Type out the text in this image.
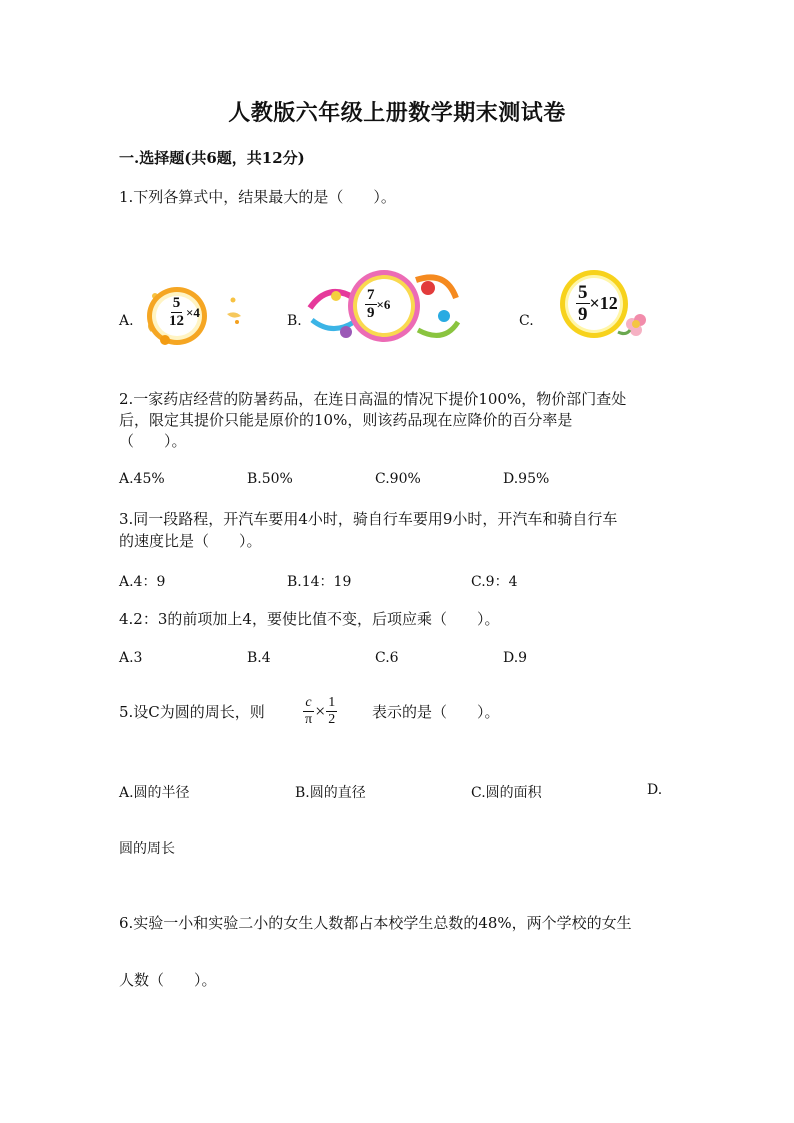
人教版六年级上册数学期末测试卷
一.选择题(共6题，共12分)
1.下列各算式中，结果最大的是（　　）。
A. $\frac{5}{12} \times 4$
B.	$\frac{7}{9} \times 6$
C. $\frac{5}{9} \times 12$
2.一家药店经营的防暑药品，在连日高温的情况下提价100%，物价部门查处
后，限定其提价只能是原价的10%，则该药品现在应降价的百分率是
（　　）。
A.45%	B.50%	C.90%	D.95%
3.同一段路程，开汽车要用4小时，骑自行车要用9小时，开汽车和骑自行车
的速度比是（　　）。
A.4：9	B.14：19	C.9：4
4.2：3的前项加上4，要使比值不变，后项应乘（　　）。
A.3	B.4	C.6	D.9
5.设C为圆的周长，则	$\frac{c}{\pi} \times \frac{1}{2}$ 表示的是（　　）。
A.圆的半径	B.圆的直径	C.圆的面积	D.
圆的周长
6.实验一小和实验二小的女生人数都占本校学生总数的48%，两个学校的女生
人数（　　）。
